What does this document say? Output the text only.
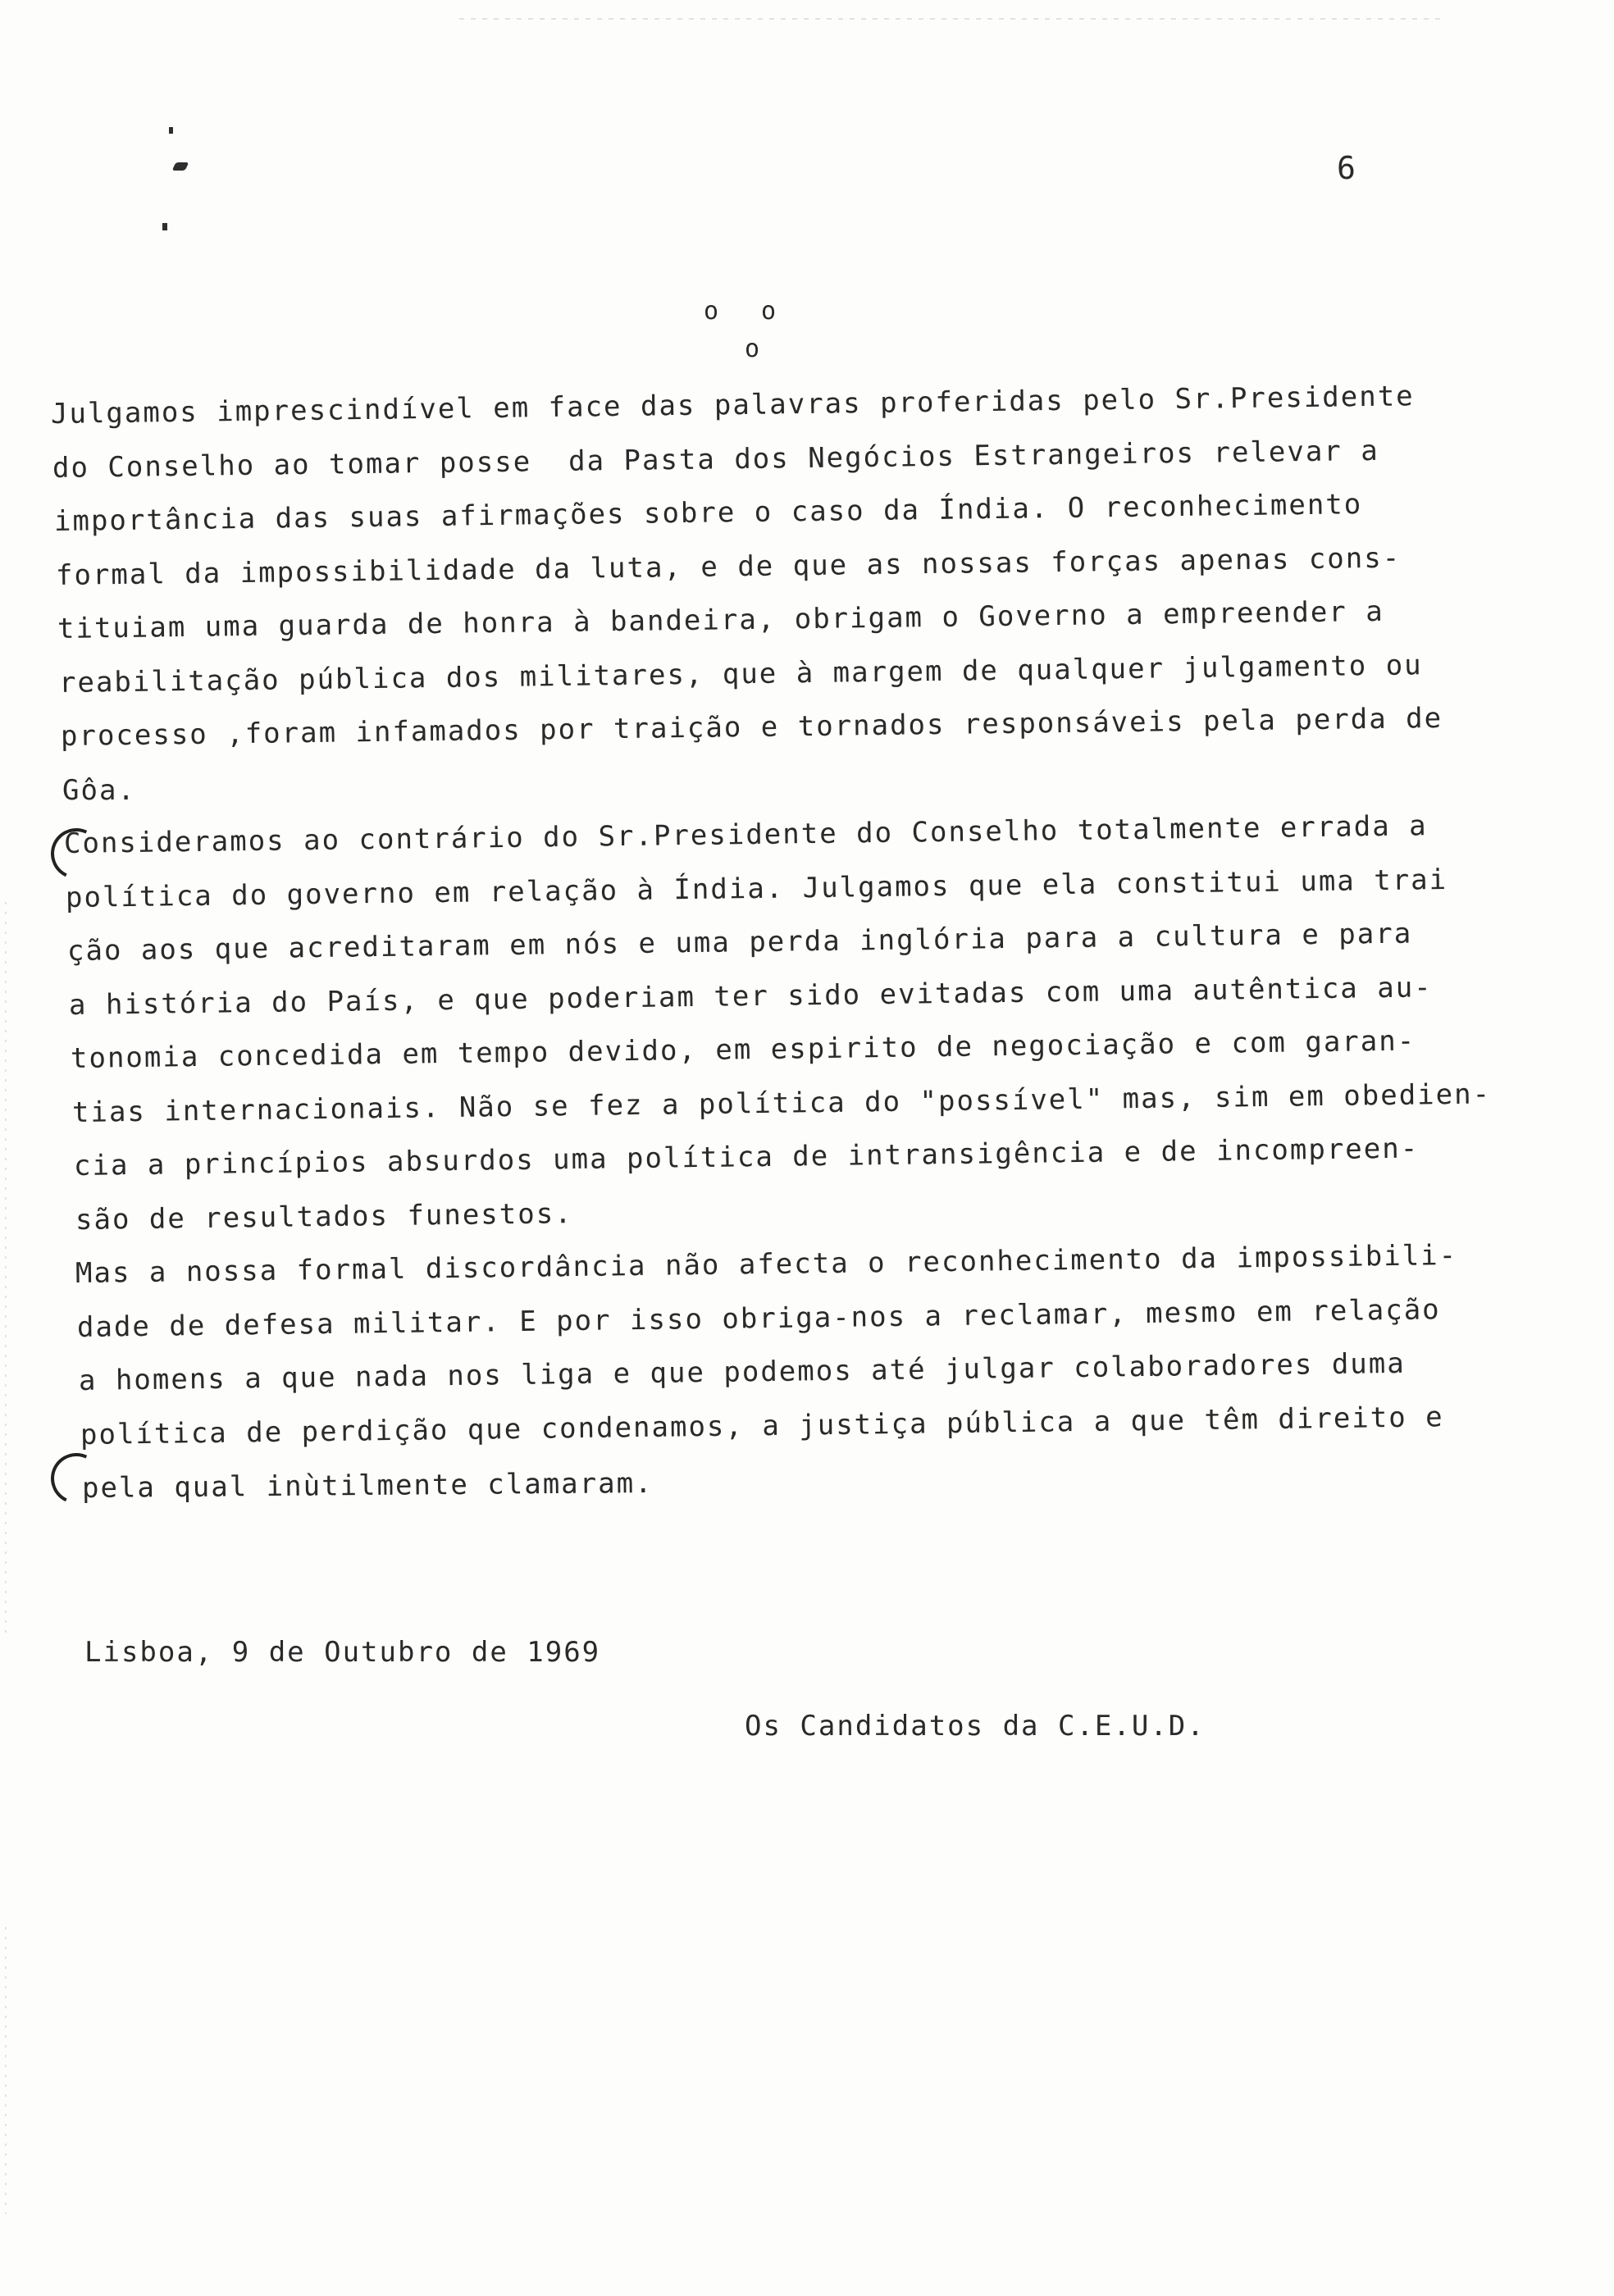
6
o o
o
Julgamos imprescindível em face das palavras proferidas pelo Sr.Presidente
do Conselho ao tomar posse  da Pasta dos Negócios Estrangeiros relevar a
importância das suas afirmações sobre o caso da Índia. O reconhecimento
formal da impossibilidade da luta, e de que as nossas forças apenas cons-
tituiam uma guarda de honra à bandeira, obrigam o Governo a empreender a
reabilitação pública dos militares, que à margem de qualquer julgamento ou
processo ,foram infamados por traição e tornados responsáveis pela perda de
Gôa.
Consideramos ao contrário do Sr.Presidente do Conselho totalmente errada a
política do governo em relação à Índia. Julgamos que ela constitui uma trai
ção aos que acreditaram em nós e uma perda inglória para a cultura e para
a história do País, e que poderiam ter sido evitadas com uma autêntica au-
tonomia concedida em tempo devido, em espirito de negociação e com garan-
tias internacionais. Não se fez a política do "possível" mas, sim em obedien-
cia a princípios absurdos uma política de intransigência e de incompreen-
são de resultados funestos.
Mas a nossa formal discordância não afecta o reconhecimento da impossibili-
dade de defesa militar. E por isso obriga-nos a reclamar, mesmo em relação
a homens a que nada nos liga e que podemos até julgar colaboradores duma
política de perdição que condenamos, a justiça pública a que têm direito e
pela qual inùtilmente clamaram.
Lisboa, 9 de Outubro de 1969
Os Candidatos da C.E.U.D.
